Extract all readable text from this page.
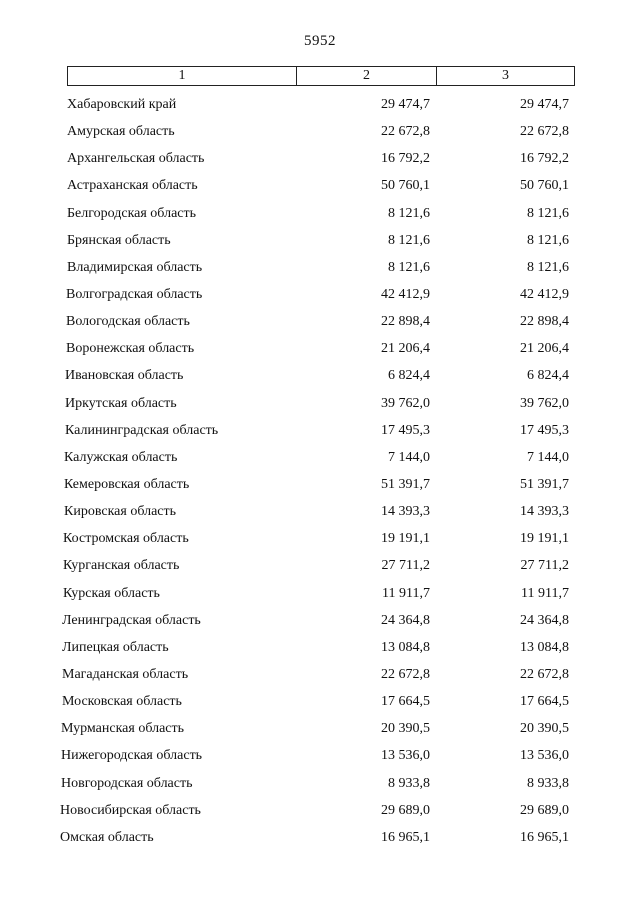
5952
1	2	3
Хабаровский край	29 474,7	29 474,7
Амурская область	22 672,8	22 672,8
Архангельская область	16 792,2	16 792,2
Астраханская область	50 760,1	50 760,1
Белгородская область	8 121,6	8 121,6
Брянская область	8 121,6	8 121,6
Владимирская область	8 121,6	8 121,6
Волгоградская область	42 412,9	42 412,9
Вологодская область	22 898,4	22 898,4
Воронежская область	21 206,4	21 206,4
Ивановская область	6 824,4	6 824,4
Иркутская область	39 762,0	39 762,0
Калининградская область	17 495,3	17 495,3
Калужская область	7 144,0	7 144,0
Кемеровская область	51 391,7	51 391,7
Кировская область	14 393,3	14 393,3
Костромская область	19 191,1	19 191,1
Курганская область	27 711,2	27 711,2
Курская область	11 911,7	11 911,7
Ленинградская область	24 364,8	24 364,8
Липецкая область	13 084,8	13 084,8
Магаданская область	22 672,8	22 672,8
Московская область	17 664,5	17 664,5
Мурманская область	20 390,5	20 390,5
Нижегородская область	13 536,0	13 536,0
Новгородская область	8 933,8	8 933,8
Новосибирская область	29 689,0	29 689,0
Омская область	16 965,1	16 965,1
